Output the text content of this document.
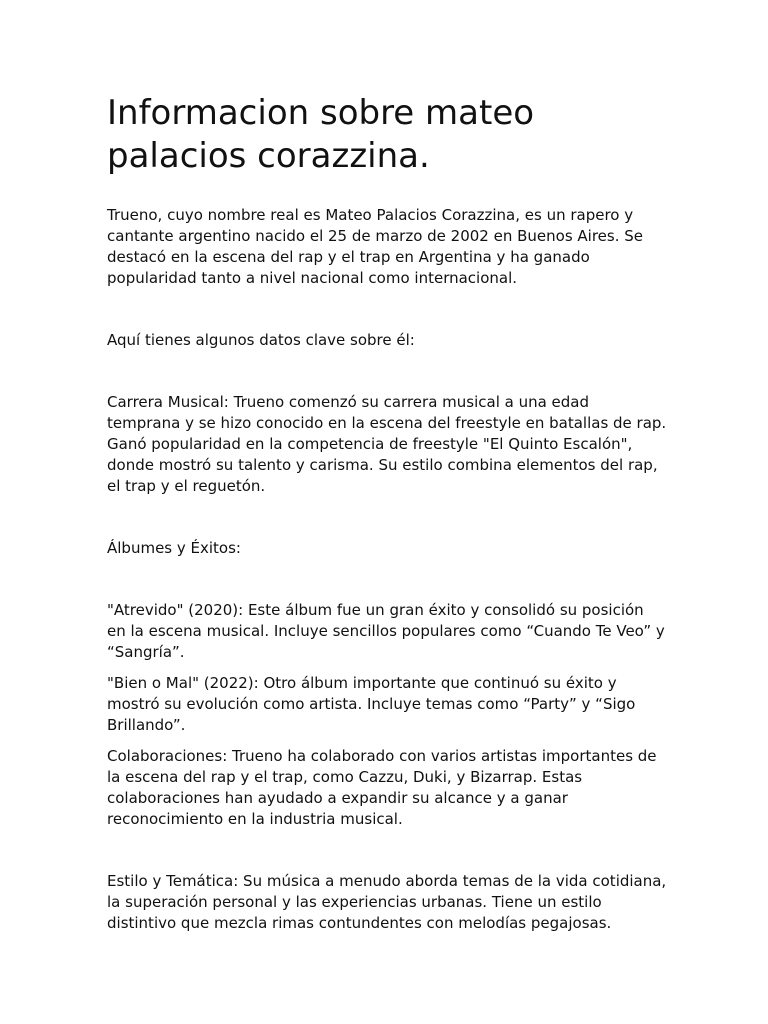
Informacion sobre mateo palacios corazzina.

Trueno, cuyo nombre real es Mateo Palacios Corazzina, es un rapero y cantante argentino nacido el 25 de marzo de 2002 en Buenos Aires. Se destacó en la escena del rap y el trap en Argentina y ha ganado popularidad tanto a nivel nacional como internacional.

Aquí tienes algunos datos clave sobre él:

Carrera Musical: Trueno comenzó su carrera musical a una edad temprana y se hizo conocido en la escena del freestyle en batallas de rap. Ganó popularidad en la competencia de freestyle "El Quinto Escalón", donde mostró su talento y carisma. Su estilo combina elementos del rap, el trap y el reguetón.

Álbumes y Éxitos:

"Atrevido" (2020): Este álbum fue un gran éxito y consolidó su posición en la escena musical. Incluye sencillos populares como “Cuando Te Veo” y “Sangría”.

"Bien o Mal" (2022): Otro álbum importante que continuó su éxito y mostró su evolución como artista. Incluye temas como “Party” y “Sigo Brillando”.

Colaboraciones: Trueno ha colaborado con varios artistas importantes de la escena del rap y el trap, como Cazzu, Duki, y Bizarrap. Estas colaboraciones han ayudado a expandir su alcance y a ganar reconocimiento en la industria musical.

Estilo y Temática: Su música a menudo aborda temas de la vida cotidiana, la superación personal y las experiencias urbanas. Tiene un estilo distintivo que mezcla rimas contundentes con melodías pegajosas.
